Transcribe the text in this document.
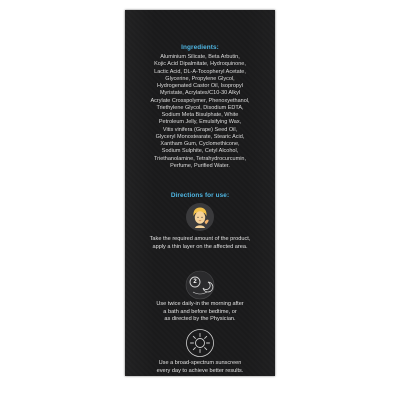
Ingredients:
Aluminium Silicate, Beta Arbutin,
Kojic Acid Dipalmitate, Hydroquinone,
Lactic Acid, DL-A-Tocopheryl Acetate,
Glycerine, Propylene Glycol,
Hydrogenated Castor Oil, Isopropyl
Myristate, Acrylates/C10-30 Alkyl
Acrylate Crosspolymer, Phenoxyethanol,
Triethylene Glycol, Disodium EDTA,
Sodium Meta Bisulphate, White
Petroleum Jelly, Emulsifying Wax,
Vitis vinifera (Grape) Seed Oil,
Glyceryl Monostearate, Stearic Acid,
Xantham Gum, Cyclomethicone,
Sodium Sulphite, Cetyl Alcohol,
Triethanolamine, Tetrahydrocurcumin,
Perfume, Purified Water.
Directions for use:
Take the required amount of the product,
apply a thin layer on the affected area.
2
Use twice daily-in the morning after
a bath and before bedtime, or
as directed by the Physician.
Use a broad-spectrum sunscreen
every day to achieve better results.
